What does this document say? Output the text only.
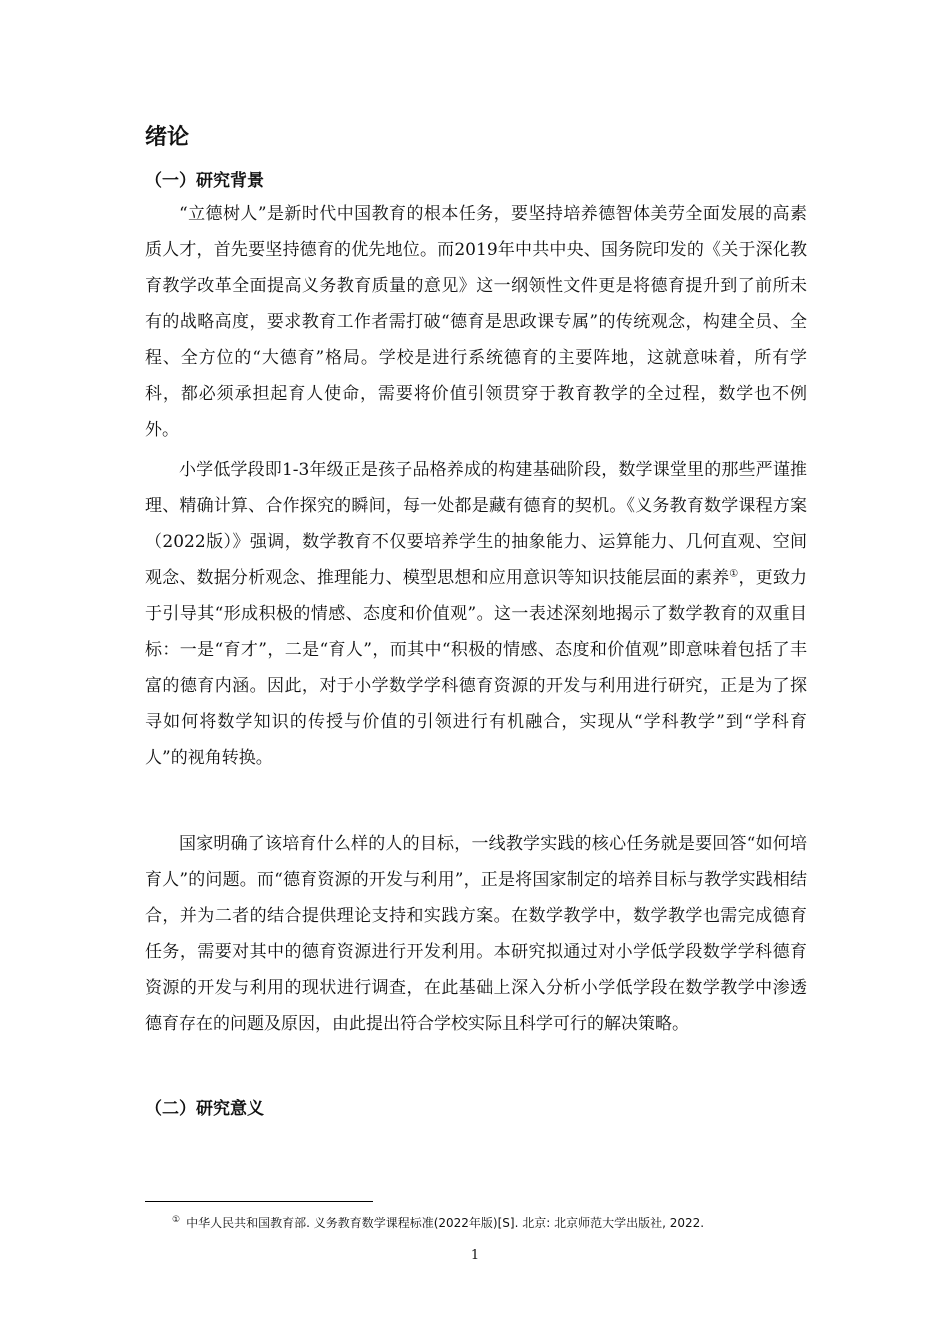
绪论
（一）研究背景

“立德树人”是新时代中国教育的根本任务，要坚持培养德智体美劳全面发展的高素质人才，首先要坚持德育的优先地位。而2019年中共中央、国务院印发的《关于深化教育教学改革全面提高义务教育质量的意见》这一纲领性文件更是将德育提升到了前所未有的战略高度，要求教育工作者需打破“德育是思政课专属”的传统观念，构建全员、全程、全方位的“大德育”格局。学校是进行系统德育的主要阵地，这就意味着，所有学科，都必须承担起育人使命，需要将价值引领贯穿于教育教学的全过程，数学也不例外。

小学低学段即1-3年级正是孩子品格养成的构建基础阶段，数学课堂里的那些严谨推理、精确计算、合作探究的瞬间，每一处都是藏有德育的契机。《义务教育数学课程方案（2022版）》强调，数学教育不仅要培养学生的抽象能力、运算能力、几何直观、空间观念、数据分析观念、推理能力、模型思想和应用意识等知识技能层面的素养①，更致力于引导其“形成积极的情感、态度和价值观”。这一表述深刻地揭示了数学教育的双重目标：一是“育才”，二是“育人”，而其中“积极的情感、态度和价值观”即意味着包括了丰富的德育内涵。因此，对于小学数学学科德育资源的开发与利用进行研究，正是为了探寻如何将数学知识的传授与价值的引领进行有机融合，实现从“学科教学”到“学科育人”的视角转换。

国家明确了该培育什么样的人的目标，一线教学实践的核心任务就是要回答“如何培育人”的问题。而“德育资源的开发与利用”，正是将国家制定的培养目标与教学实践相结合，并为二者的结合提供理论支持和实践方案。在数学教学中，数学教学也需完成德育任务，需要对其中的德育资源进行开发利用。本研究拟通过对小学低学段数学学科德育资源的开发与利用的现状进行调查，在此基础上深入分析小学低学段在数学教学中渗透德育存在的问题及原因，由此提出符合学校实际且科学可行的解决策略。

（二）研究意义
① 中华人民共和国教育部. 义务教育数学课程标准(2022年版)[S]. 北京: 北京师范大学出版社, 2022.
1
